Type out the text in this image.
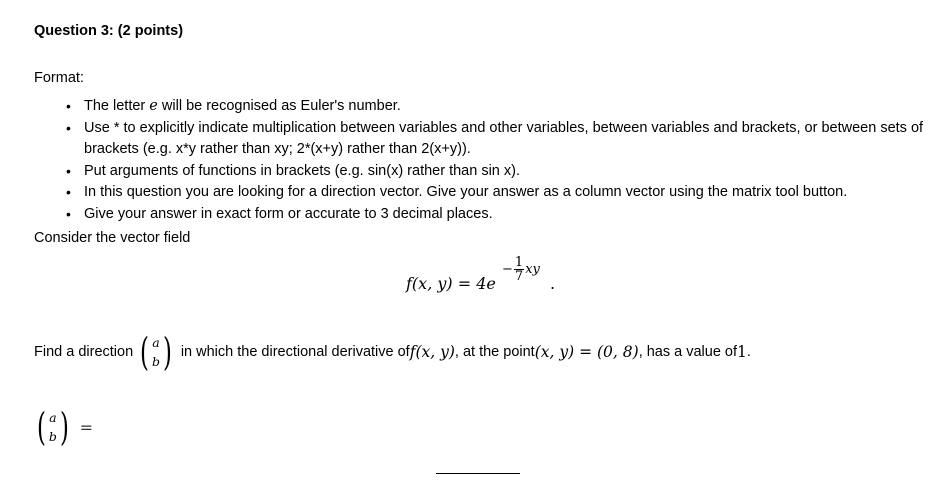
Question 3: (2 points)
Format:
• The letter e will be recognised as Euler's number.
• Use * to explicitly indicate multiplication between variables and other variables, between variables and brackets, or between sets of brackets (e.g. x*y rather than xy; 2*(x+y) rather than 2(x+y)).
• Put arguments of functions in brackets (e.g. sin(x) rather than sin x).
• In this question you are looking for a direction vector. Give your answer as a column vector using the matrix tool button.
• Give your answer in exact form or accurate to 3 decimal places.
Consider the vector field
f(x, y) = 4e
− $\frac{1}{7}$ xy
.
Find a direction ( a
b ) in which the directional derivative of f(x, y) , at the point (x, y) = (0, 8) , has a value of 1 .
( a
b ) =
